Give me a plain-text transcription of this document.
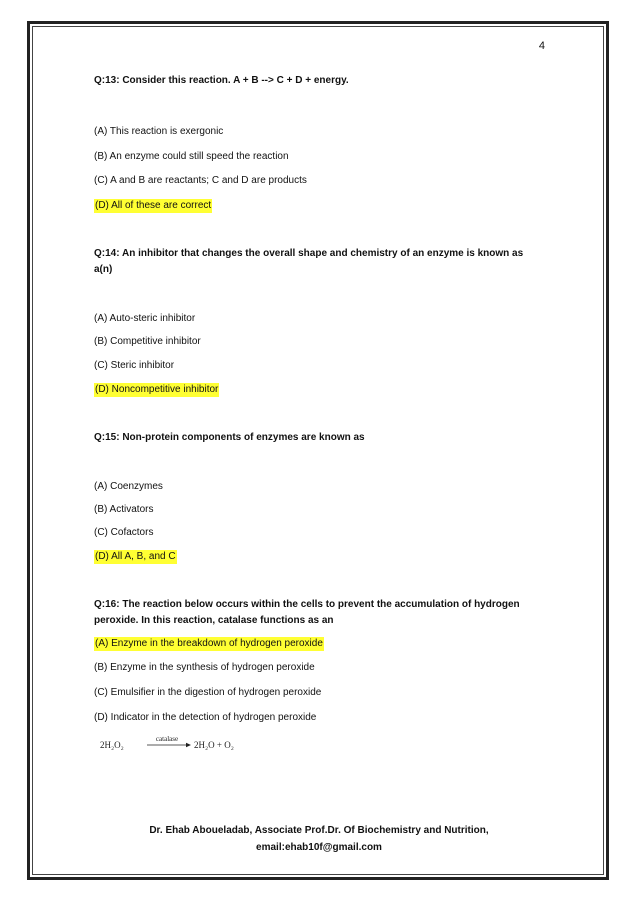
4
Q:13: Consider this reaction. A + B --> C + D + energy.
(A) This reaction is exergonic
(B) An enzyme could still speed the reaction
(C) A and B are reactants; C and D are products
(D) All of these are correct
Q:14: An inhibitor that changes the overall shape and chemistry of an enzyme is known as a(n)
(A) Auto-steric inhibitor
(B) Competitive inhibitor
(C) Steric inhibitor
(D) Noncompetitive inhibitor
Q:15: Non-protein components of enzymes are known as
(A) Coenzymes
(B) Activators
(C) Cofactors
(D) All A, B, and C
Q:16: The reaction below occurs within the cells to prevent the accumulation of hydrogen peroxide. In this reaction, catalase functions as an
(A) Enzyme in the breakdown of hydrogen peroxide
(B) Enzyme in the synthesis of hydrogen peroxide
(C) Emulsifier in the digestion of hydrogen peroxide
(D) Indicator in the detection of hydrogen peroxide
2H₂O₂
catalase
2H₂O + O₂
Dr. Ehab Aboueladab, Associate Prof.Dr. Of Biochemistry and Nutrition,
email:ehab10f@gmail.com
